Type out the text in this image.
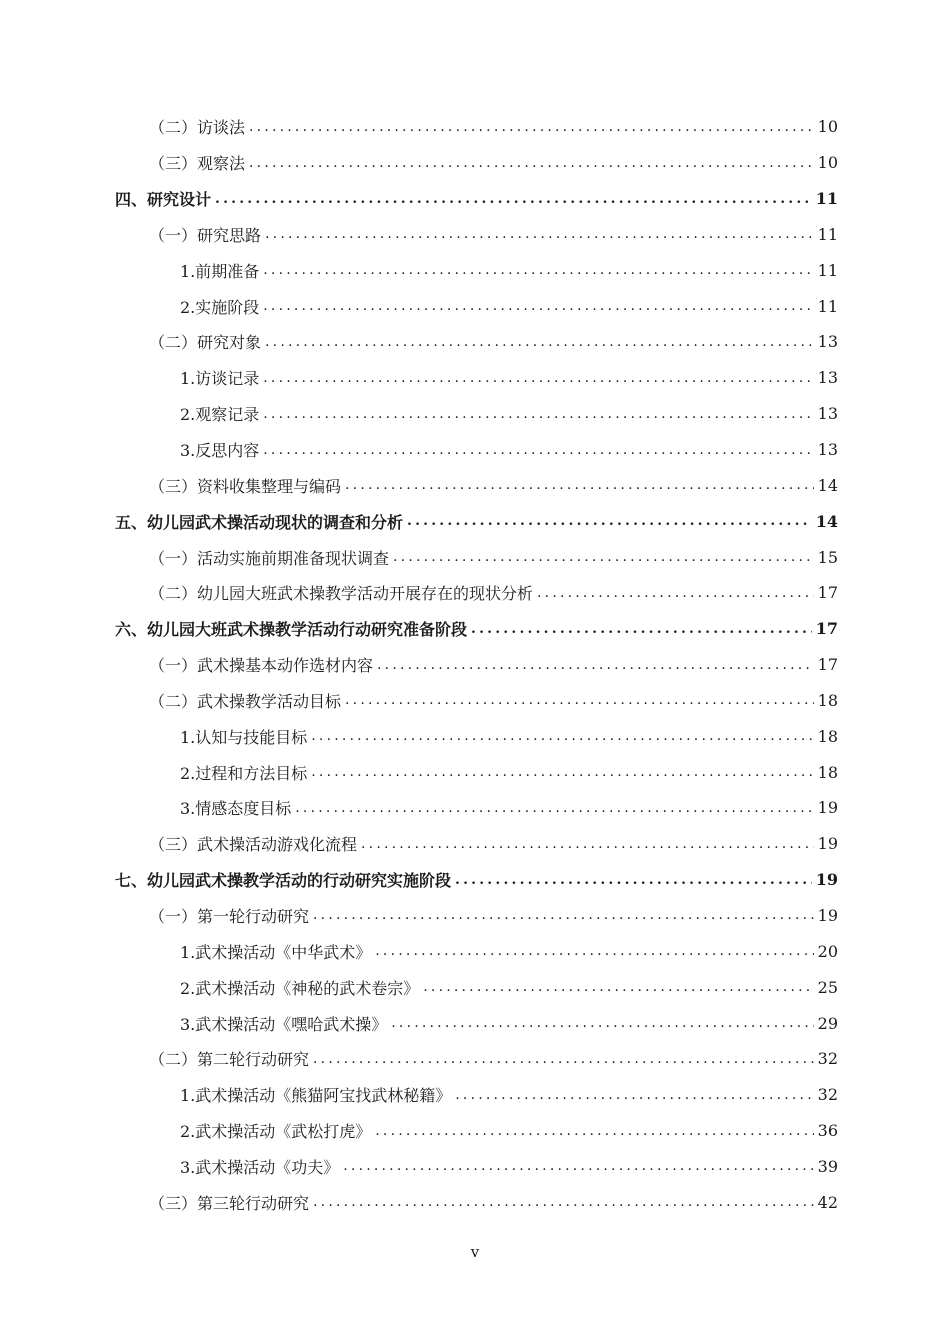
（二）访谈法 .....	10
（三）观察法 .....	10
四、研究设计 .....	11
（一）研究思路 .....	11
1.前期准备 .....	11
2.实施阶段 .....	11
（二）研究对象 .....	13
1.访谈记录 .....	13
2.观察记录 .....	13
3.反思内容 .....	13
（三）资料收集整理与编码 .....	14
五、幼儿园武术操活动现状的调查和分析 .....	14
（一）活动实施前期准备现状调查 .....	15
（二）幼儿园大班武术操教学活动开展存在的现状分析 .....	17
六、幼儿园大班武术操教学活动行动研究准备阶段 .....	17
（一）武术操基本动作选材内容 .....	17
（二）武术操教学活动目标 .....	18
1.认知与技能目标 .....	18
2.过程和方法目标 .....	18
3.情感态度目标 .....	19
（三）武术操活动游戏化流程 .....	19
七、幼儿园武术操教学活动的行动研究实施阶段 .....	19
（一）第一轮行动研究 .....	19
1.武术操活动《中华武术》 .....	20
2.武术操活动《神秘的武术卷宗》 .....	25
3.武术操活动《嘿哈武术操》 .....	29
（二）第二轮行动研究 .....	32
1.武术操活动《熊猫阿宝找武林秘籍》 .....	32
2.武术操活动《武松打虎》 .....	36
3.武术操活动《功夫》 .....	39
（三）第三轮行动研究 .....	42
v
